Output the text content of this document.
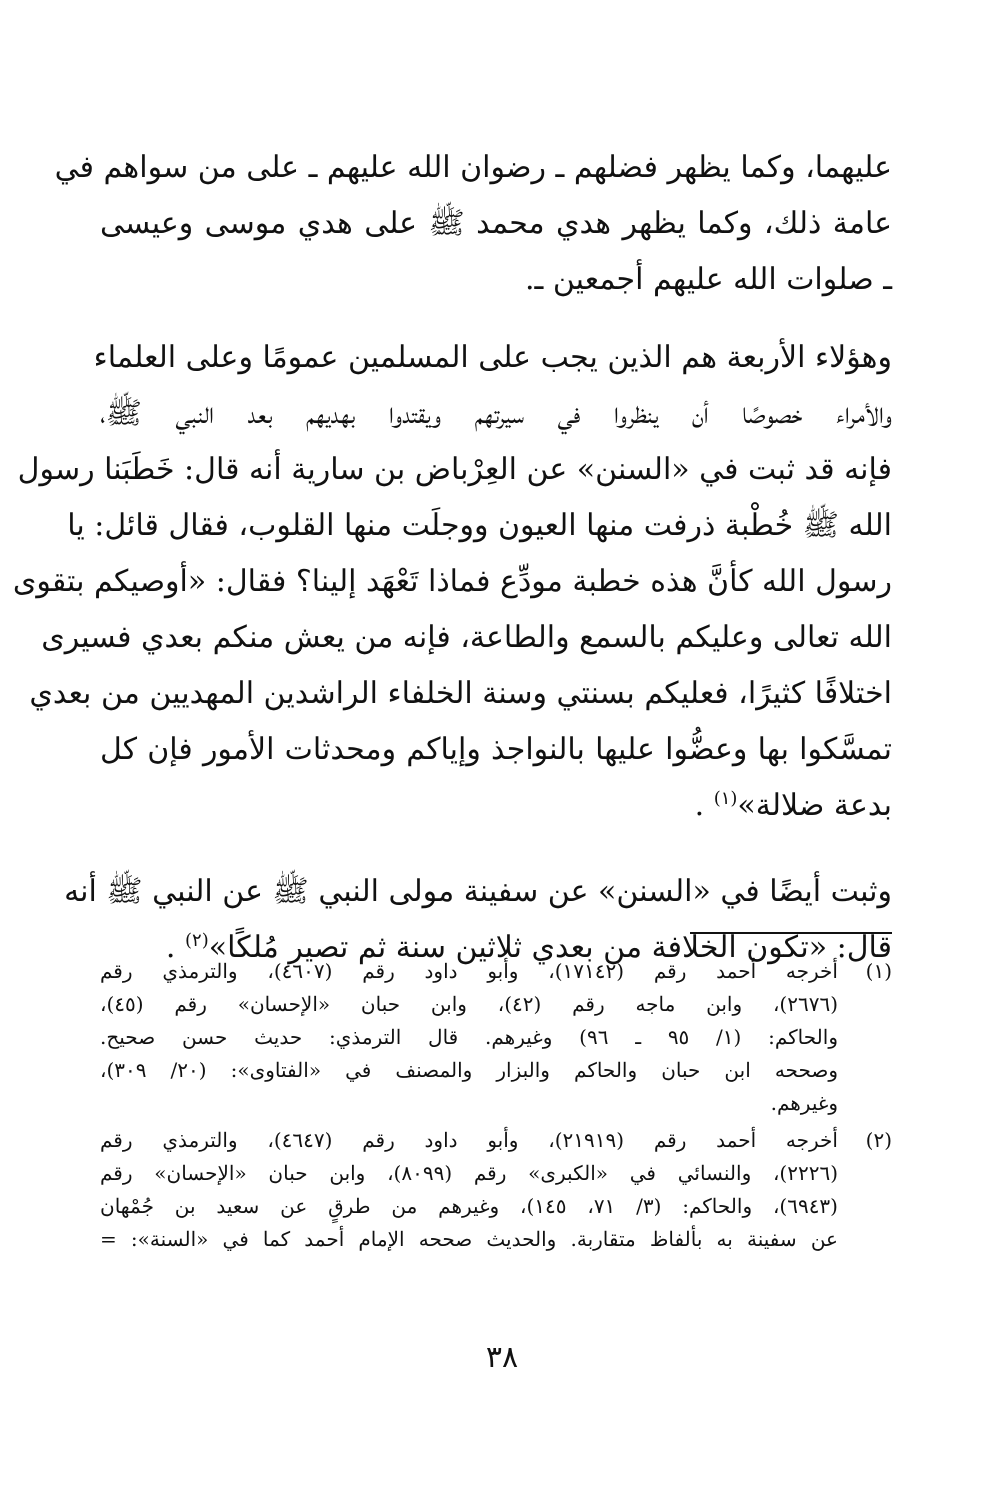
عليهما، وكما يظهر فضلهم ـ رضوان الله عليهم ـ على من سواهم في
عامة ذلك، وكما يظهر هدي محمد ﷺ على هدي موسى وعيسى
ـ صلوات الله عليهم أجمعين ـ.

وهؤلاء الأربعة هم الذين يجب على المسلمين عمومًا وعلى العلماء
والأمراء خصوصًا أن ينظروا في سيرتهم ويقتدوا بهديهم بعد النبي ﷺ،
فإنه قد ثبت في «السنن» عن العِرْباض بن سارية أنه قال: خَطَبَنا رسول
الله ﷺ خُطْبة ذرفت منها العيون ووجلَت منها القلوب، فقال قائل: يا
رسول الله كأنَّ هذه خطبة مودِّع فماذا تَعْهَد إلينا؟ فقال: «أوصيكم بتقوى
الله تعالى وعليكم بالسمع والطاعة، فإنه من يعش منكم بعدي فسيرى
اختلافًا كثيرًا، فعليكم بسنتي وسنة الخلفاء الراشدين المهديين من بعدي
تمسَّكوا بها وعضُّوا عليها بالنواجذ وإياكم ومحدثات الأمور فإن كل
بدعة ضلالة»$^{(١)}$ .

وثبت أيضًا في «السنن» عن سفينة مولى النبي ﷺ عن النبي ﷺ أنه
قال: «تكون الخلافة من بعدي ثلاثين سنة ثم تصير مُلكًا»$^{(٢)}$ .

(١)
أخرجه أحمد رقم (١٧١٤٢)، وأبو داود رقم (٤٦٠٧)، والترمذي رقم
(٢٦٧٦)، وابن ماجه رقم (٤٢)، وابن حبان «الإحسان» رقم (٤٥)،
والحاكم: (١/ ٩٥ ـ ٩٦) وغيرهم. قال الترمذي: حديث حسن صحيح.
وصححه ابن حبان والحاكم والبزار والمصنف في «الفتاوى»: (٢٠/ ٣٠٩)،
وغيرهم.
(٢)
أخرجه أحمد رقم (٢١٩١٩)، وأبو داود رقم (٤٦٤٧)، والترمذي رقم
(٢٢٢٦)، والنسائي في «الكبرى» رقم (٨٠٩٩)، وابن حبان «الإحسان» رقم
(٦٩٤٣)، والحاكم: (٣/ ٧١، ١٤٥)، وغيرهم من طرقٍ عن سعيد بن جُمْهان
عن سفينة به بألفاظ متقاربة. والحديث صححه الإمام أحمد كما في «السنة»: =
٣٨
